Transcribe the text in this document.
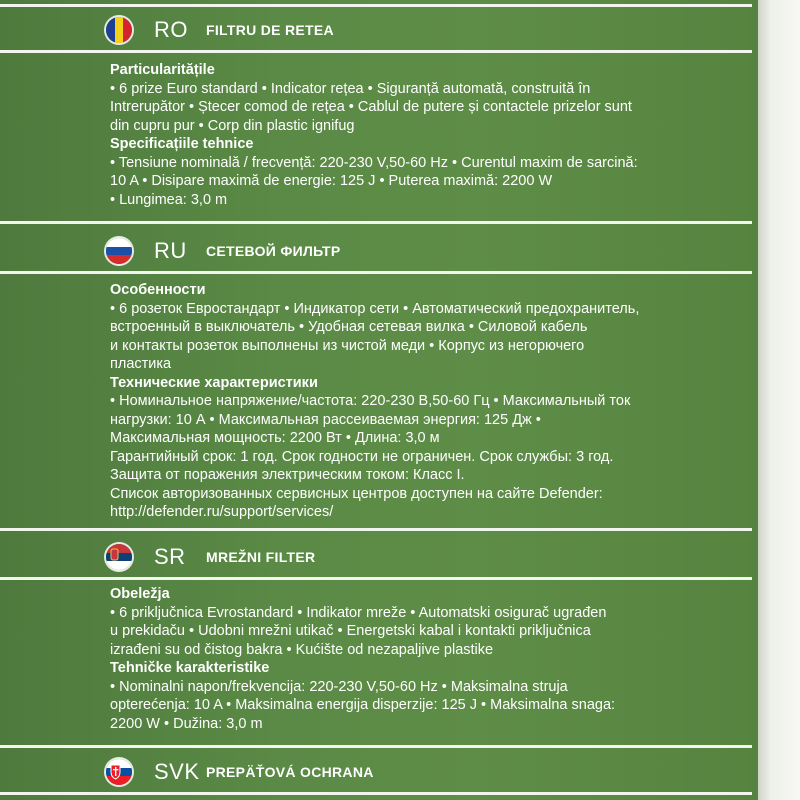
RO	FILTRU DE RETEA

Particularitățile

• 6 prize Euro standard • Indicator rețea • Siguranță automată, construită în

Intrerupător • Ștecer comod de rețea • Cablul de putere și contactele prizelor sunt

din cupru pur • Corp din plastic ignifug

Specificațiile tehnice

• Tensiune nominală / frecvență: 220-230 V,50-60 Hz • Curentul maxim de sarcină:

10 A • Disipare maximă de energie: 125 J • Puterea maximă: 2200 W

• Lungimea: 3,0 m

RU	СЕТЕВОЙ ФИЛЬТР

Особенности

• 6 розеток Евростандарт • Индикатор сети • Автоматический предохранитель,

встроенный в выключатель • Удобная сетевая вилка • Силовой кабель

и контакты розеток выполнены из чистой меди • Корпус из негорючего

пластика

Технические характеристики

• Номинальное напряжение/частота: 220-230 В,50-60 Гц • Максимальный ток

нагрузки: 10 А • Максимальная рассеиваемая энергия: 125 Дж •

Максимальная мощность: 2200 Вт • Длина: 3,0 м

Гарантийный срок: 1 год. Срок годности не ограничен. Срок службы: 3 год.

Защита от поражения электрическим током: Класс I.

Список авторизованных сервисных центров доступен на сайте Defender:

http://defender.ru/support/services/

SR	MREŽNI FILTER

Obeležja

• 6 priključnica Evrostandard • Indikator mreže • Automatski osigurač ugrađen

u prekidaču • Udobni mrežni utikač • Energetski kabal i kontakti priključnica

izrađeni su od čistog bakra • Kućište od nezapaljive plastike

Tehničke karakteristike

• Nominalni napon/frekvencija: 220-230 V,50-60 Hz • Maksimalna struja

opterećenja: 10 A • Maksimalna energija disperzije: 125 J • Maksimalna snaga:

2200 W • Dužina: 3,0 m

SVK PREPÄŤOVÁ OCHRANA
